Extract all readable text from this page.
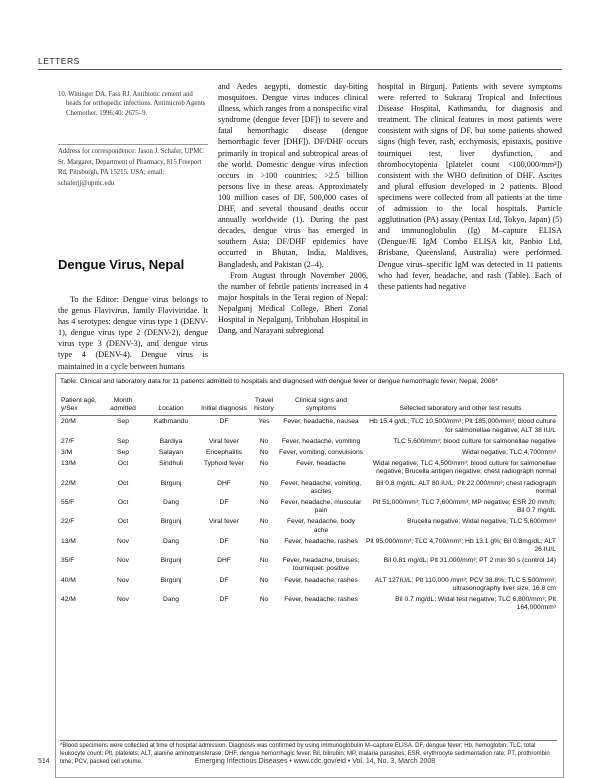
LETTERS
10. Wininger DA, Fass RJ. Antibiotic cement and beads for orthopedic infections. Antimicrob Agents Chemother. 1996;40: 2675–9.
Address for correspondence: Jason J. Schafer, UPMC St. Margaret, Department of Pharmacy, 815 Freeport Rd, Pittsburgh, PA 15215, USA; email: schaferjj@upmc.edu
Dengue Virus, Nepal
To the Editor: Dengue virus belongs to the genus Flavivirus, family Flaviviridae. It has 4 serotypes: dengue virus type 1 (DENV-1), dengue virus type 2 (DENV-2), dengue virus type 3 (DENV-3), and dengue virus type 4 (DENV-4). Dengue virus is maintained in a cycle between humans
and Aedes aegypti, domestic day-biting mosquitoes. Dengue virus induces clinical illness, which ranges from a nonspecific viral syndrome (dengue fever [DF]) to severe and fatal hemorrhagic disease (dengue hemorrhagic fever [DHF]). DF/DHF occurs primarily in tropical and subtropical areas of the world. Domestic dengue virus infection occurs in >100 countries; >2.5 billion persons live in these areas. Approximately 100 million cases of DF, 500,000 cases of DHF, and several thousand deaths occur annually worldwide (1). During the past decades, dengue virus has emerged in southern Asia; DF/DHF epidemics have occurred in Bhutan, India, Maldives, Bangladesh, and Pakistan (2–4).
From August through November 2006, the number of febrile patients increased in 4 major hospitals in the Terai region of Nepal: Nepalgunj Medical College, Bheri Zonal Hospital in Nepalgunj, Tribhuban Hospital in Dang, and Narayani subregional
hospital in Birgunj. Patients with severe symptoms were referred to Sukraraj Tropical and Infectious Disease Hospital, Kathmandu, for diagnosis and treatment. The clinical features in most patients were consistent with signs of DF, but some patients showed signs (high fever, rash, ecchymosis, epistaxis, positive tourniquet test, liver dysfunction, and thrombocytopenia [platelet count <100,000/mm³]) consistent with the WHO definition of DHF. Ascites and plural effusion developed in 2 patients. Blood specimens were collected from all patients at the time of admission to the local hospitals. Particle agglutination (PA) assay (Pentax Ltd, Tokyo, Japan) (5) and immunoglobulin (Ig) M–capture ELISA (Dengue/JE IgM Combo ELISA kit, Panbio Ltd, Brisbane, Queensland, Australia) were performed. Dengue virus–specific IgM was detected in 11 patients who had fever, headache, and rash (Table). Each of these patients had negative
Table. Clinical and laboratory data for 11 patients admitted to hospitals and diagnosed with dengue fever or dengue hemorrhagic fever, Nepal, 2006*
Patient age, y/Sex	Month admitted	Location	Initial diagnosis	Travel history	Clinical signs and symptoms	Selected laboratory and other test results
20/M	Sep	Kathmandu	DF	Yes	Fever, headache, nausea	Hb 15.4 g/dL; TLC 10,500/mm³; Plt 185,000/mm³; blood culture for salmonellae negative; ALT 38 IU/L
27/F	Sep	Bardiya	Viral fever	No	Fever, headache, vomiting	TLC 5,600/mm³; blood culture for salmonellae negative
3/M	Sep	Salayan	Encephalitis	No	Fever, vomiting, convulsions	Widal negative; TLC 4,700/mm³
13/M	Oct	Sindhuli	Typhoid fever	No	Fever, headache	Widal negative; TLC 4,500/mm³; blood culture for salmonellae negative; Brucella antigen negative; chest radiograph normal
22/M	Oct	Birgunj	DHF	No	Fever, headache, vomiting, ascites	Bil 0.8 mg/dL; ALT 80 IU/L; Plt 22,000/mm³; chest radiograph normal
55/F	Oct	Dang	DF	No	Fever, headache, muscular pain	Plt 51,000/mm³; TLC 7,600/mm³; MP negative; ESR 20 mm/h; Bil 0.7 mg/dL
22/F	Oct	Birgunj	Viral fever	No	Fever, headache, body ache	Brucella negative; Widal negative; TLC 5,600/mm³
13/M	Nov	Dang	DF	No	Fever, headache, rashes	Plt 95,000/mm³; TLC 4,700/mm³; Hb 13.1 g%; Bil 0.8mg/dL; ALT 26 IU/L
35/F	Nov	Birgunj	DHF	No	Fever, headache, bruises; tourniquet: positive	Bil 0.81 mg/dL; Plt 31,000/mm³; PT 2 min 30 s (control 14)
40/M	Nov	Birgunj	DF	No	Fever, headache, rashes	ALT 127IU/L; Plt 110,000 /mm³; PCV 38.8%; TLC 5,500/mm³; ultrasonography liver size, 16.8 cm
42/M	Nov	Dang	DF	No	Fever, headache, rashes	Bil 0.7 mg/dL; Widal test negative; TLC 6,800/mm³; Plt 164,000/mm³
*Blood specimens were collected at time of hospital admission. Diagnosis was confirmed by using immunoglobulin M–capture ELISA. DF, dengue fever; Hb, hemoglobin; TLC, total leukocyte count; Plt, platelets; ALT, alanine aminotransferase; DHF, dengue hemorrhagic fever; Bil, bilirubin; MP, malaria parasites; ESR, erythrocyte sedimentation rate; PT, prothrombin time; PCV, packed cell volume.
514	Emerging Infectious Diseases • www.cdc.gov/eid • Vol. 14, No. 3, March 2008
